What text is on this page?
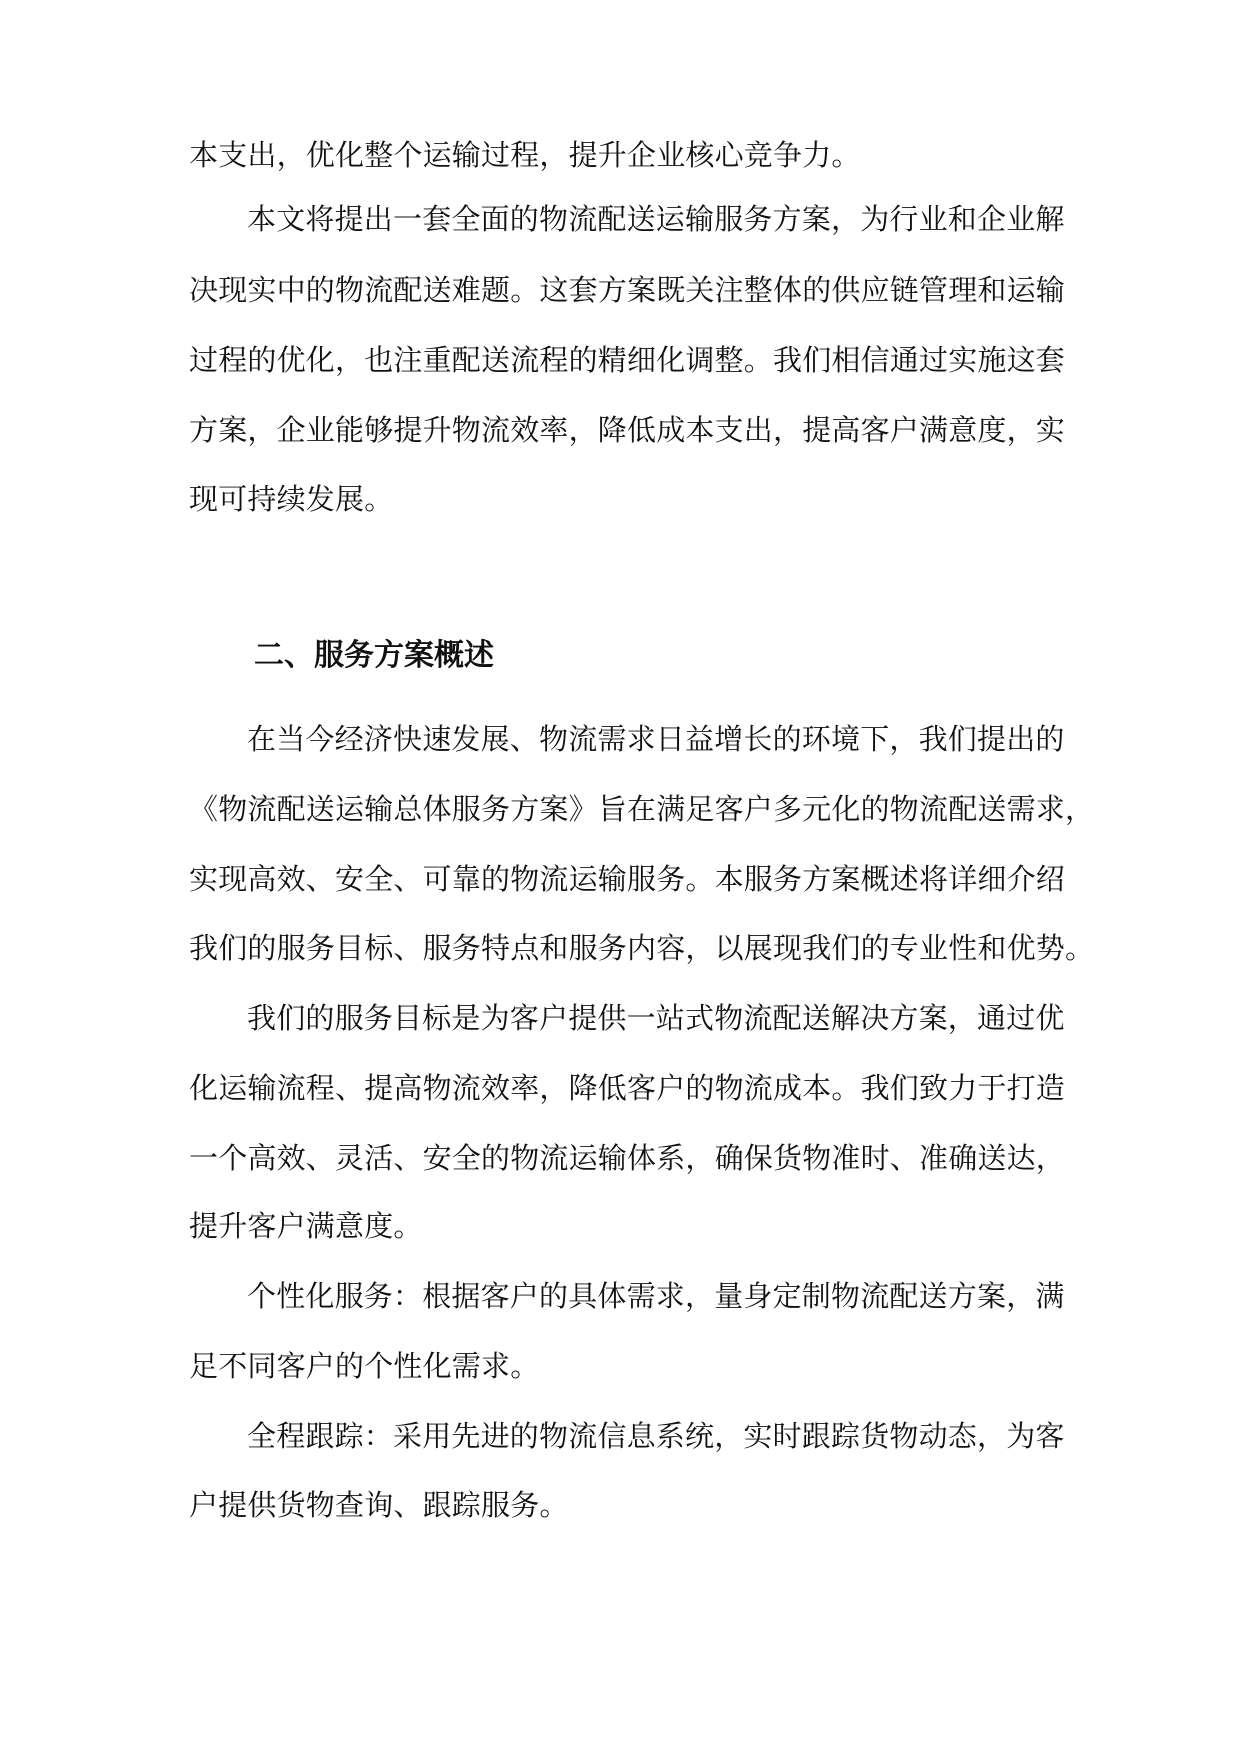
本支出，优化整个运输过程，提升企业核心竞争力。
本文将提出一套全面的物流配送运输服务方案，为行业和企业解
决现实中的物流配送难题。这套方案既关注整体的供应链管理和运输
过程的优化，也注重配送流程的精细化调整。我们相信通过实施这套
方案，企业能够提升物流效率，降低成本支出，提高客户满意度，实
现可持续发展。
二、服务方案概述
在当今经济快速发展、物流需求日益增长的环境下，我们提出的
《物流配送运输总体服务方案》旨在满足客户多元化的物流配送需求，
实现高效、安全、可靠的物流运输服务。本服务方案概述将详细介绍
我们的服务目标、服务特点和服务内容，以展现我们的专业性和优势。
我们的服务目标是为客户提供一站式物流配送解决方案，通过优
化运输流程、提高物流效率，降低客户的物流成本。我们致力于打造
一个高效、灵活、安全的物流运输体系，确保货物准时、准确送达，
提升客户满意度。
个性化服务：根据客户的具体需求，量身定制物流配送方案，满
足不同客户的个性化需求。
全程跟踪：采用先进的物流信息系统，实时跟踪货物动态，为客
户提供货物查询、跟踪服务。
